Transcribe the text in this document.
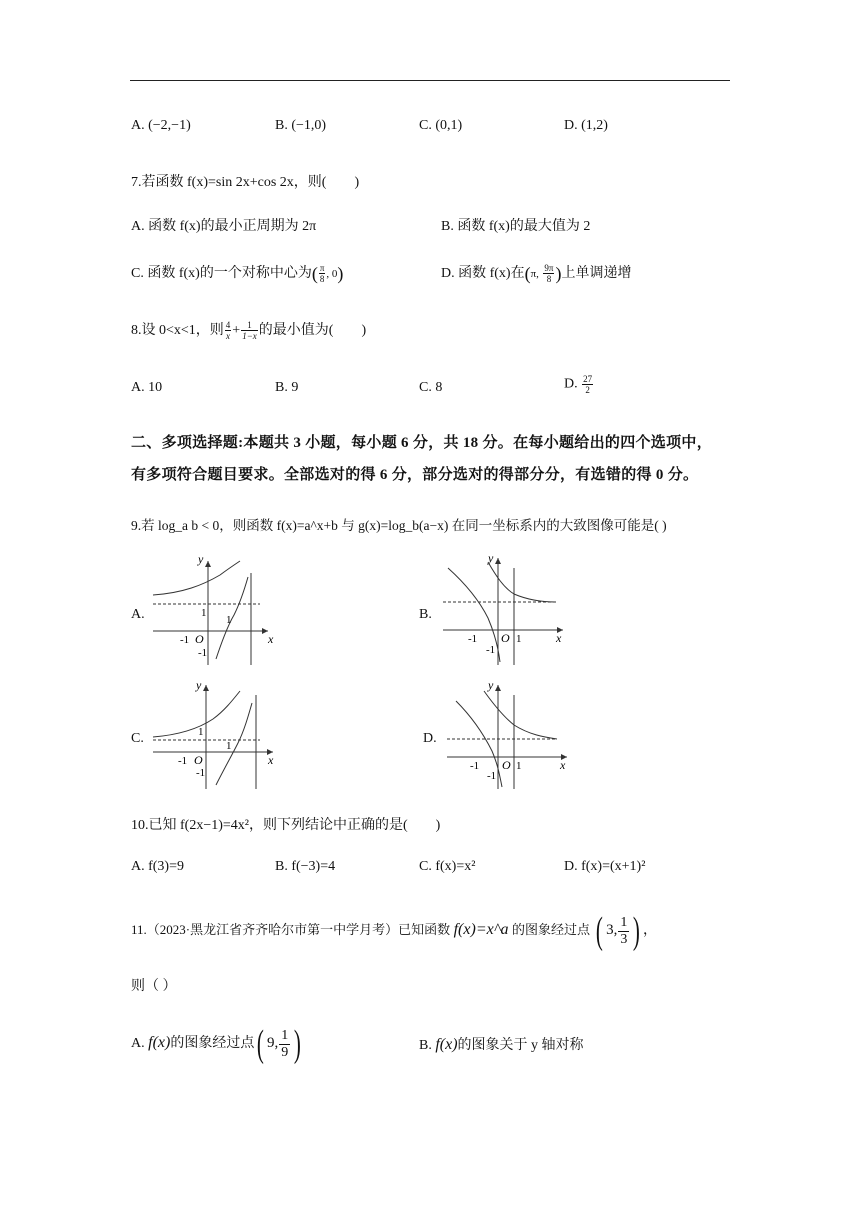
A. (−2,−1)	B. (−1,0)	C. (0,1)	D. (1,2)
7.若函数 f(x)=sin 2x+cos 2x，则(　　)
A. 函数 f(x)的最小正周期为 2π	B. 函数 f(x)的最大值为 2
C. 函数 f(x)的一个对称中心为( $\frac{\pi}{8}$ , 0)	D. 函数 f(x)在(π, $\frac{9\pi}{8}$ )上单调递增
8.设 0<x<1，则 $\frac{4}{x} + \frac{1}{1-x}$ 的最小值为(　　)
A. 10	B. 9	C. 8	D. $\frac{27}{2}$
二、多项选择题:本题共 3 小题，每小题 6 分，共 18 分。在每小题给出的四个选项中，
有多项符合题目要求。全部选对的得 6 分，部分选对的得部分分，有选错的得 0 分。
9.若 log_a b < 0，则函数 f(x)=a^x+b 与 g(x)=log_b(a−x) 在同一坐标系内的大致图像可能是( )
A.
y
x
O
-1
-1
1
1	B.
y
x
O
-1
-1
1
C.
y
x
O
-1
-1
1
1	D.
y
x
O
-1
-1
1
10.已知 f(2x−1)=4x²，则下列结论中正确的是(　　)
A. f(3)=9	B. f(−3)=4	C. f(x)=x²	D. f(x)=(x+1)²
11.（2023·黑龙江省齐齐哈尔市第一中学月考）已知函数 f(x)=x^a 的图象经过点 ( 3, $\frac{1}{3}$ ) ，
则（ ）
A. f(x)的图象经过点( 9, $\frac{1}{9}$ )	B. f(x)的图象关于 y 轴对称
